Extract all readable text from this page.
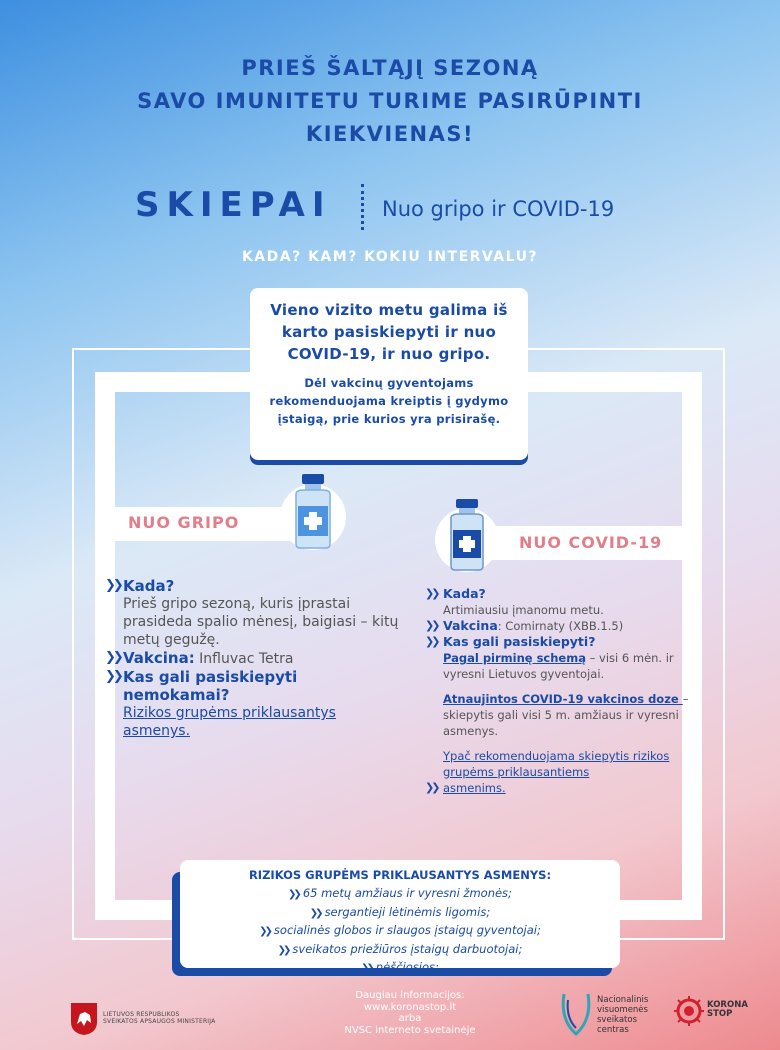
PRIEŠ ŠALTĄJĮ SEZONĄ
SAVO IMUNITETU TURIME PASIRŪPINTI
KIEKVIENAS!
SKIEPAI Nuo gripo ir COVID-19
KADA? KAM? KOKIU INTERVALU?
Vieno vizito metu galima iš karto pasiskiepyti ir nuo COVID-19, ir nuo gripo.
Dėl vakcinų gyventojams rekomenduojama kreiptis į gydymo įstaigą, prie kurios yra prisirašę.
NUO GRIPO
NUO COVID-19
❯❯ Kada?
Prieš gripo sezoną, kuris įprastai prasideda spalio mėnesį, baigiasi – kitų metų gegužę.
❯❯ Vakcina: Influvac Tetra
❯❯ Kas gali pasiskiepyti nemokamai?
Rizikos grupėms priklausantys asmenys.
❯❯ Kada?
Artimiausiu įmanomu metu.
❯❯ Vakcina: Comirnaty (XBB.1.5)
❯❯ Kas gali pasiskiepyti?
Pagal pirminę schemą – visi 6 mėn. ir vyresni Lietuvos gyventojai.
Atnaujintos COVID-19 vakcinos doze – skiepytis gali visi 5 m. amžiaus ir vyresni asmenys.
Ypač rekomenduojama skiepytis rizikos grupėms priklausantiems
❯❯ asmenims.
RIZIKOS GRUPĖMS PRIKLAUSANTYS ASMENYS:
❯❯ 65 metų amžiaus ir vyresni žmonės;
❯❯ sergantieji lėtinėmis ligomis;
❯❯ socialinės globos ir slaugos įstaigų gyventojai;
❯❯ sveikatos priežiūros įstaigų darbuotojai;
❯❯ nėščiosios;
LIETUVOS RESPUBLIKOS
SVEIKATOS APSAUGOS MINISTERIJA
Daugiau informacijos:
www.koronastop.lt
arba
NVSC interneto svetainėje
Nacionalinis
visuomenės
sveikatos
centras
KORONA
STOP
